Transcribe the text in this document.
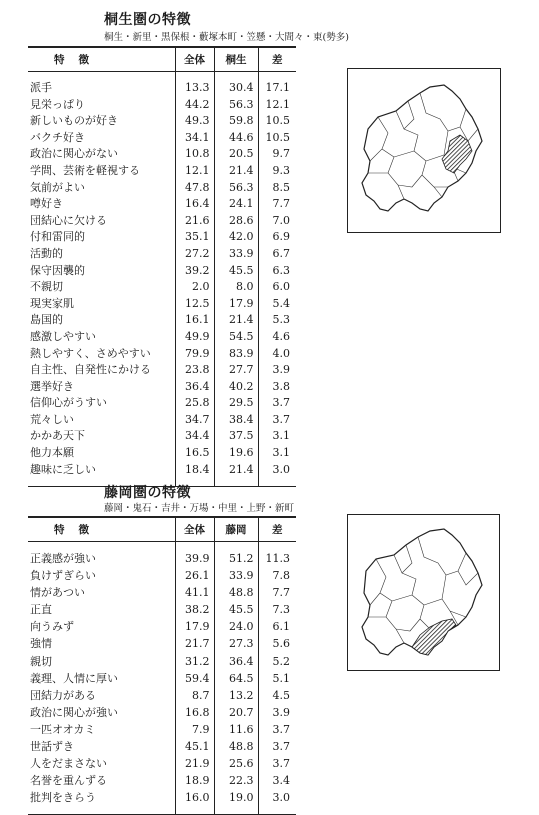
桐生圏の特徴
桐生・新里・黒保根・藪塚本町・笠懸・大間々・東(勢多)
特徴	全体	桐生	差

派手	13.3	30.4	17.1
見栄っぱり	44.2	56.3	12.1
新しいものが好き	49.3	59.8	10.5
バクチ好き	34.1	44.6	10.5
政治に関心がない	10.8	20.5	9.7
学問、芸術を軽視する	12.1	21.4	9.3
気前がよい	47.8	56.3	8.5
噂好き	16.4	24.1	7.7
団結心に欠ける	21.6	28.6	7.0
付和雷同的	35.1	42.0	6.9
活動的	27.2	33.9	6.7
保守因襲的	39.2	45.5	6.3
不親切	2.0	8.0	6.0
現実家肌	12.5	17.9	5.4
島国的	16.1	21.4	5.3
感激しやすい	49.9	54.5	4.6
熱しやすく、さめやすい	79.9	83.9	4.0
自主性、自発性にかける	23.8	27.7	3.9
選挙好き	36.4	40.2	3.8
信仰心がうすい	25.8	29.5	3.7
荒々しい	34.7	38.4	3.7
かかあ天下	34.4	37.5	3.1
他力本願	16.5	19.6	3.1
趣味に乏しい	18.4	21.4	3.0

藤岡圏の特徴
藤岡・鬼石・吉井・万場・中里・上野・新町
特徴	全体	藤岡	差

正義感が強い	39.9	51.2	11.3
負けずぎらい	26.1	33.9	7.8
情があつい	41.1	48.8	7.7
正直	38.2	45.5	7.3
向うみず	17.9	24.0	6.1
強情	21.7	27.3	5.6
親切	31.2	36.4	5.2
義理、人情に厚い	59.4	64.5	5.1
団結力がある	8.7	13.2	4.5
政治に関心が強い	16.8	20.7	3.9
一匹オオカミ	7.9	11.6	3.7
世話ずき	45.1	48.8	3.7
人をだまさない	21.9	25.6	3.7
名誉を重んずる	18.9	22.3	3.4
批判をきらう	16.0	19.0	3.0
